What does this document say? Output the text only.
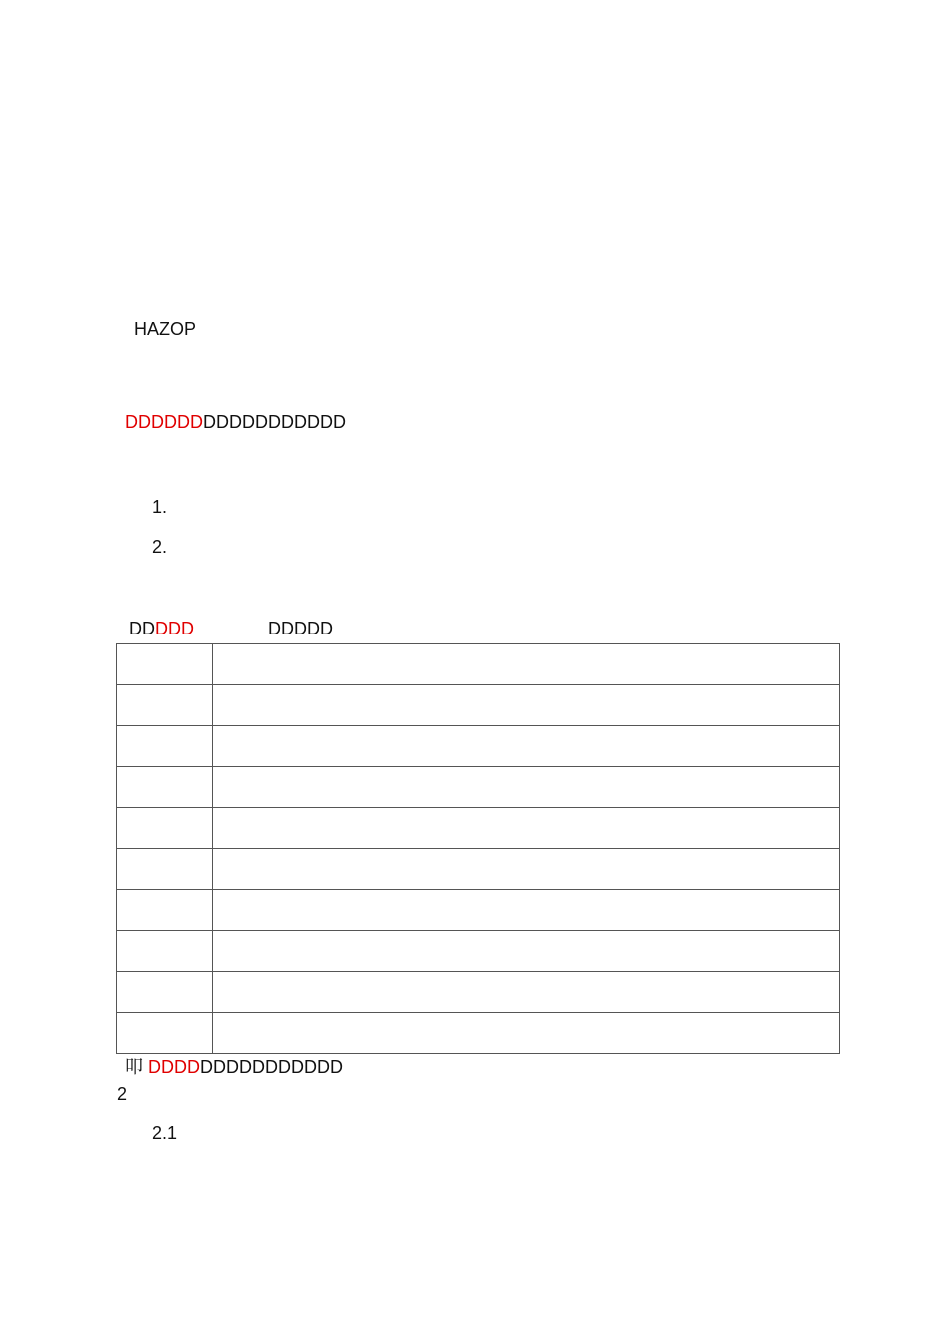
HAZOP
DDDDDDDDDDDDDDDDD
1.
2.
DDDDD	DDDDD

叩 DDDDDDDDDDDDDDD
2
2.1
